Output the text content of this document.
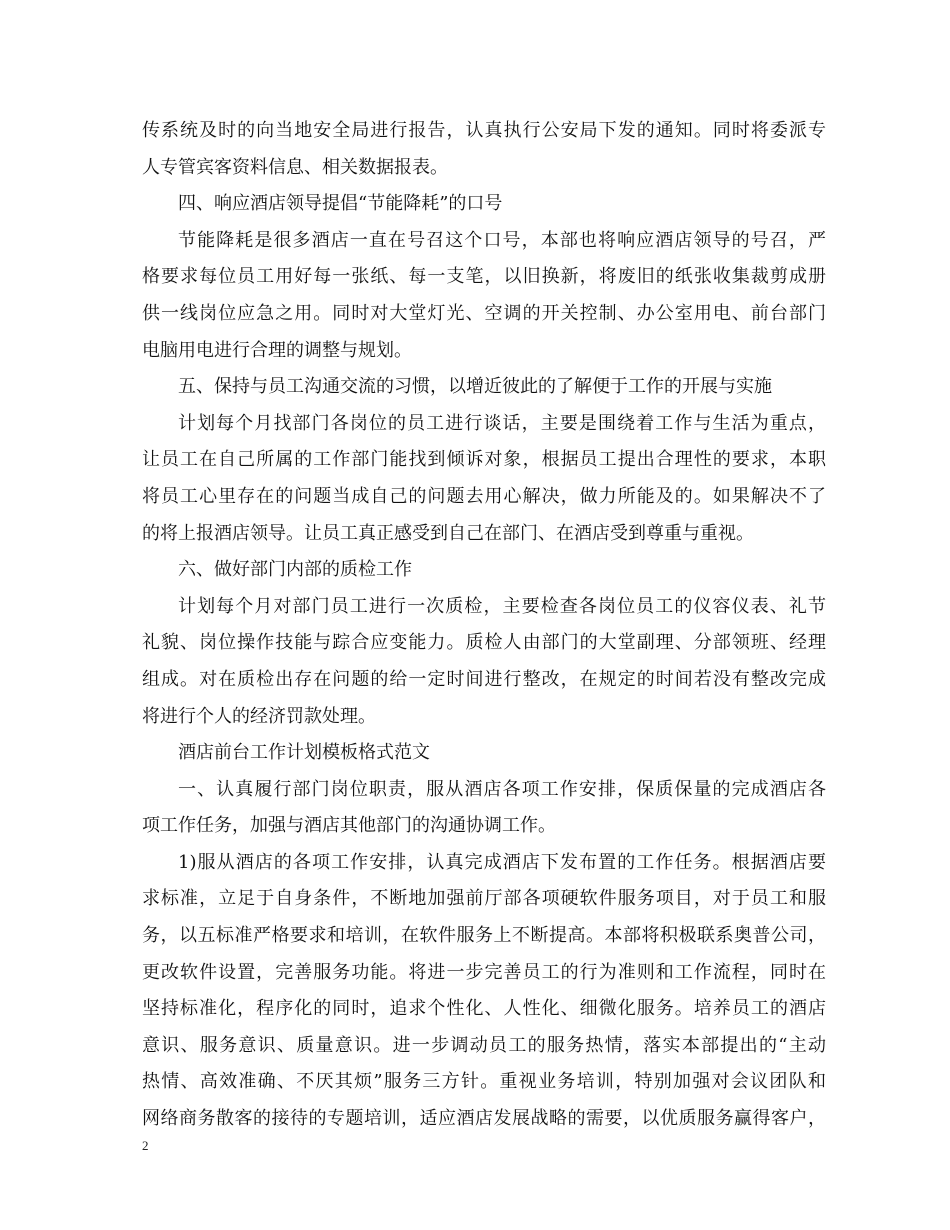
传系统及时的向当地安全局进行报告，认真执行公安局下发的通知。同时将委派专
人专管宾客资料信息、相关数据报表。
四、响应酒店领导提倡“节能降耗”的口号
节能降耗是很多酒店一直在号召这个口号，本部也将响应酒店领导的号召，严
格要求每位员工用好每一张纸、每一支笔，以旧换新，将废旧的纸张收集裁剪成册
供一线岗位应急之用。同时对大堂灯光、空调的开关控制、办公室用电、前台部门
电脑用电进行合理的调整与规划。
五、保持与员工沟通交流的习惯，以增近彼此的了解便于工作的开展与实施
计划每个月找部门各岗位的员工进行谈话，主要是围绕着工作与生活为重点，
让员工在自己所属的工作部门能找到倾诉对象，根据员工提出合理性的要求，本职
将员工心里存在的问题当成自己的问题去用心解决，做力所能及的。如果解决不了
的将上报酒店领导。让员工真正感受到自己在部门、在酒店受到尊重与重视。
六、做好部门内部的质检工作
计划每个月对部门员工进行一次质检，主要检查各岗位员工的仪容仪表、礼节
礼貌、岗位操作技能与踪合应变能力。质检人由部门的大堂副理、分部领班、经理
组成。对在质检出存在问题的给一定时间进行整改，在规定的时间若没有整改完成
将进行个人的经济罚款处理。
酒店前台工作计划模板格式范文
一、认真履行部门岗位职责，服从酒店各项工作安排，保质保量的完成酒店各
项工作任务，加强与酒店其他部门的沟通协调工作。
1)服从酒店的各项工作安排，认真完成酒店下发布置的工作任务。根据酒店要
求标准，立足于自身条件，不断地加强前厅部各项硬软件服务项目，对于员工和服
务，以五标准严格要求和培训，在软件服务上不断提高。本部将积极联系奥普公司，
更改软件设置，完善服务功能。将进一步完善员工的行为准则和工作流程，同时在
坚持标准化，程序化的同时，追求个性化、人性化、细微化服务。培养员工的酒店
意识、服务意识、质量意识。进一步调动员工的服务热情，落实本部提出的“主动
热情、高效准确、不厌其烦”服务三方针。重视业务培训，特别加强对会议团队和
网络商务散客的接待的专题培训，适应酒店发展战略的需要，以优质服务赢得客户，
2
